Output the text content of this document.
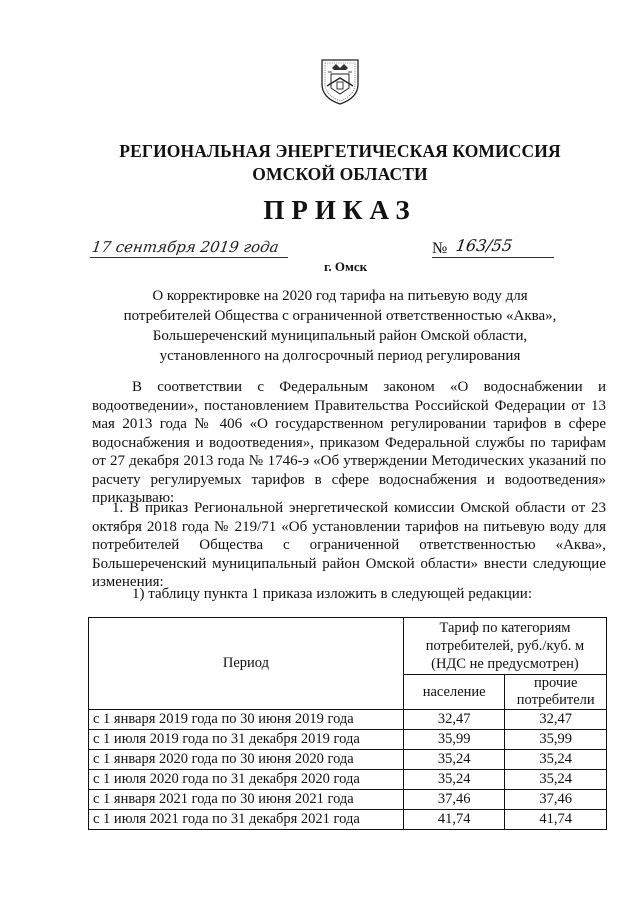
РЕГИОНАЛЬНАЯ ЭНЕРГЕТИЧЕСКАЯ КОМИССИЯ
ОМСКОЙ ОБЛАСТИ
ПРИКАЗ
17 сентября 2019 года	№ 163/55
г. Омск
О корректировке на 2020 год тарифа на питьевую воду для
потребителей Общества с ограниченной ответственностью «Аква»,
Большереченский муниципальный район Омской области,
установленного на долгосрочный период регулирования
В соответствии с Федеральным законом «О водоснабжении и водоотведении», постановлением Правительства Российской Федерации от 13 мая 2013 года № 406 «О государственном регулировании тарифов в сфере водоснабжения и водоотведения», приказом Федеральной службы по тарифам от 27 декабря 2013 года № 1746-э «Об утверждении Методических указаний по расчету регулируемых тарифов в сфере водоснабжения и водоотведения» приказываю:
1. В приказ Региональной энергетической комиссии Омской области от 23 октября 2018 года № 219/71 «Об установлении тарифов на питьевую воду для потребителей Общества с ограниченной ответственностью «Аква», Большереченский муниципальный район Омской области» внести следующие изменения:
1) таблицу пункта 1 приказа изложить в следующей редакции:
Период	Тариф по категориям потребителей, руб./куб. м (НДС не предусмотрен)	
	население	прочие потребители
с 1 января 2019 года по 30 июня 2019 года	32,47	32,47
с 1 июля 2019 года по 31 декабря 2019 года	35,99	35,99
с 1 января 2020 года по 30 июня 2020 года	35,24	35,24
с 1 июля 2020 года по 31 декабря 2020 года	35,24	35,24
с 1 января 2021 года по 30 июня 2021 года	37,46	37,46
с 1 июля 2021 года по 31 декабря 2021 года	41,74	41,74
